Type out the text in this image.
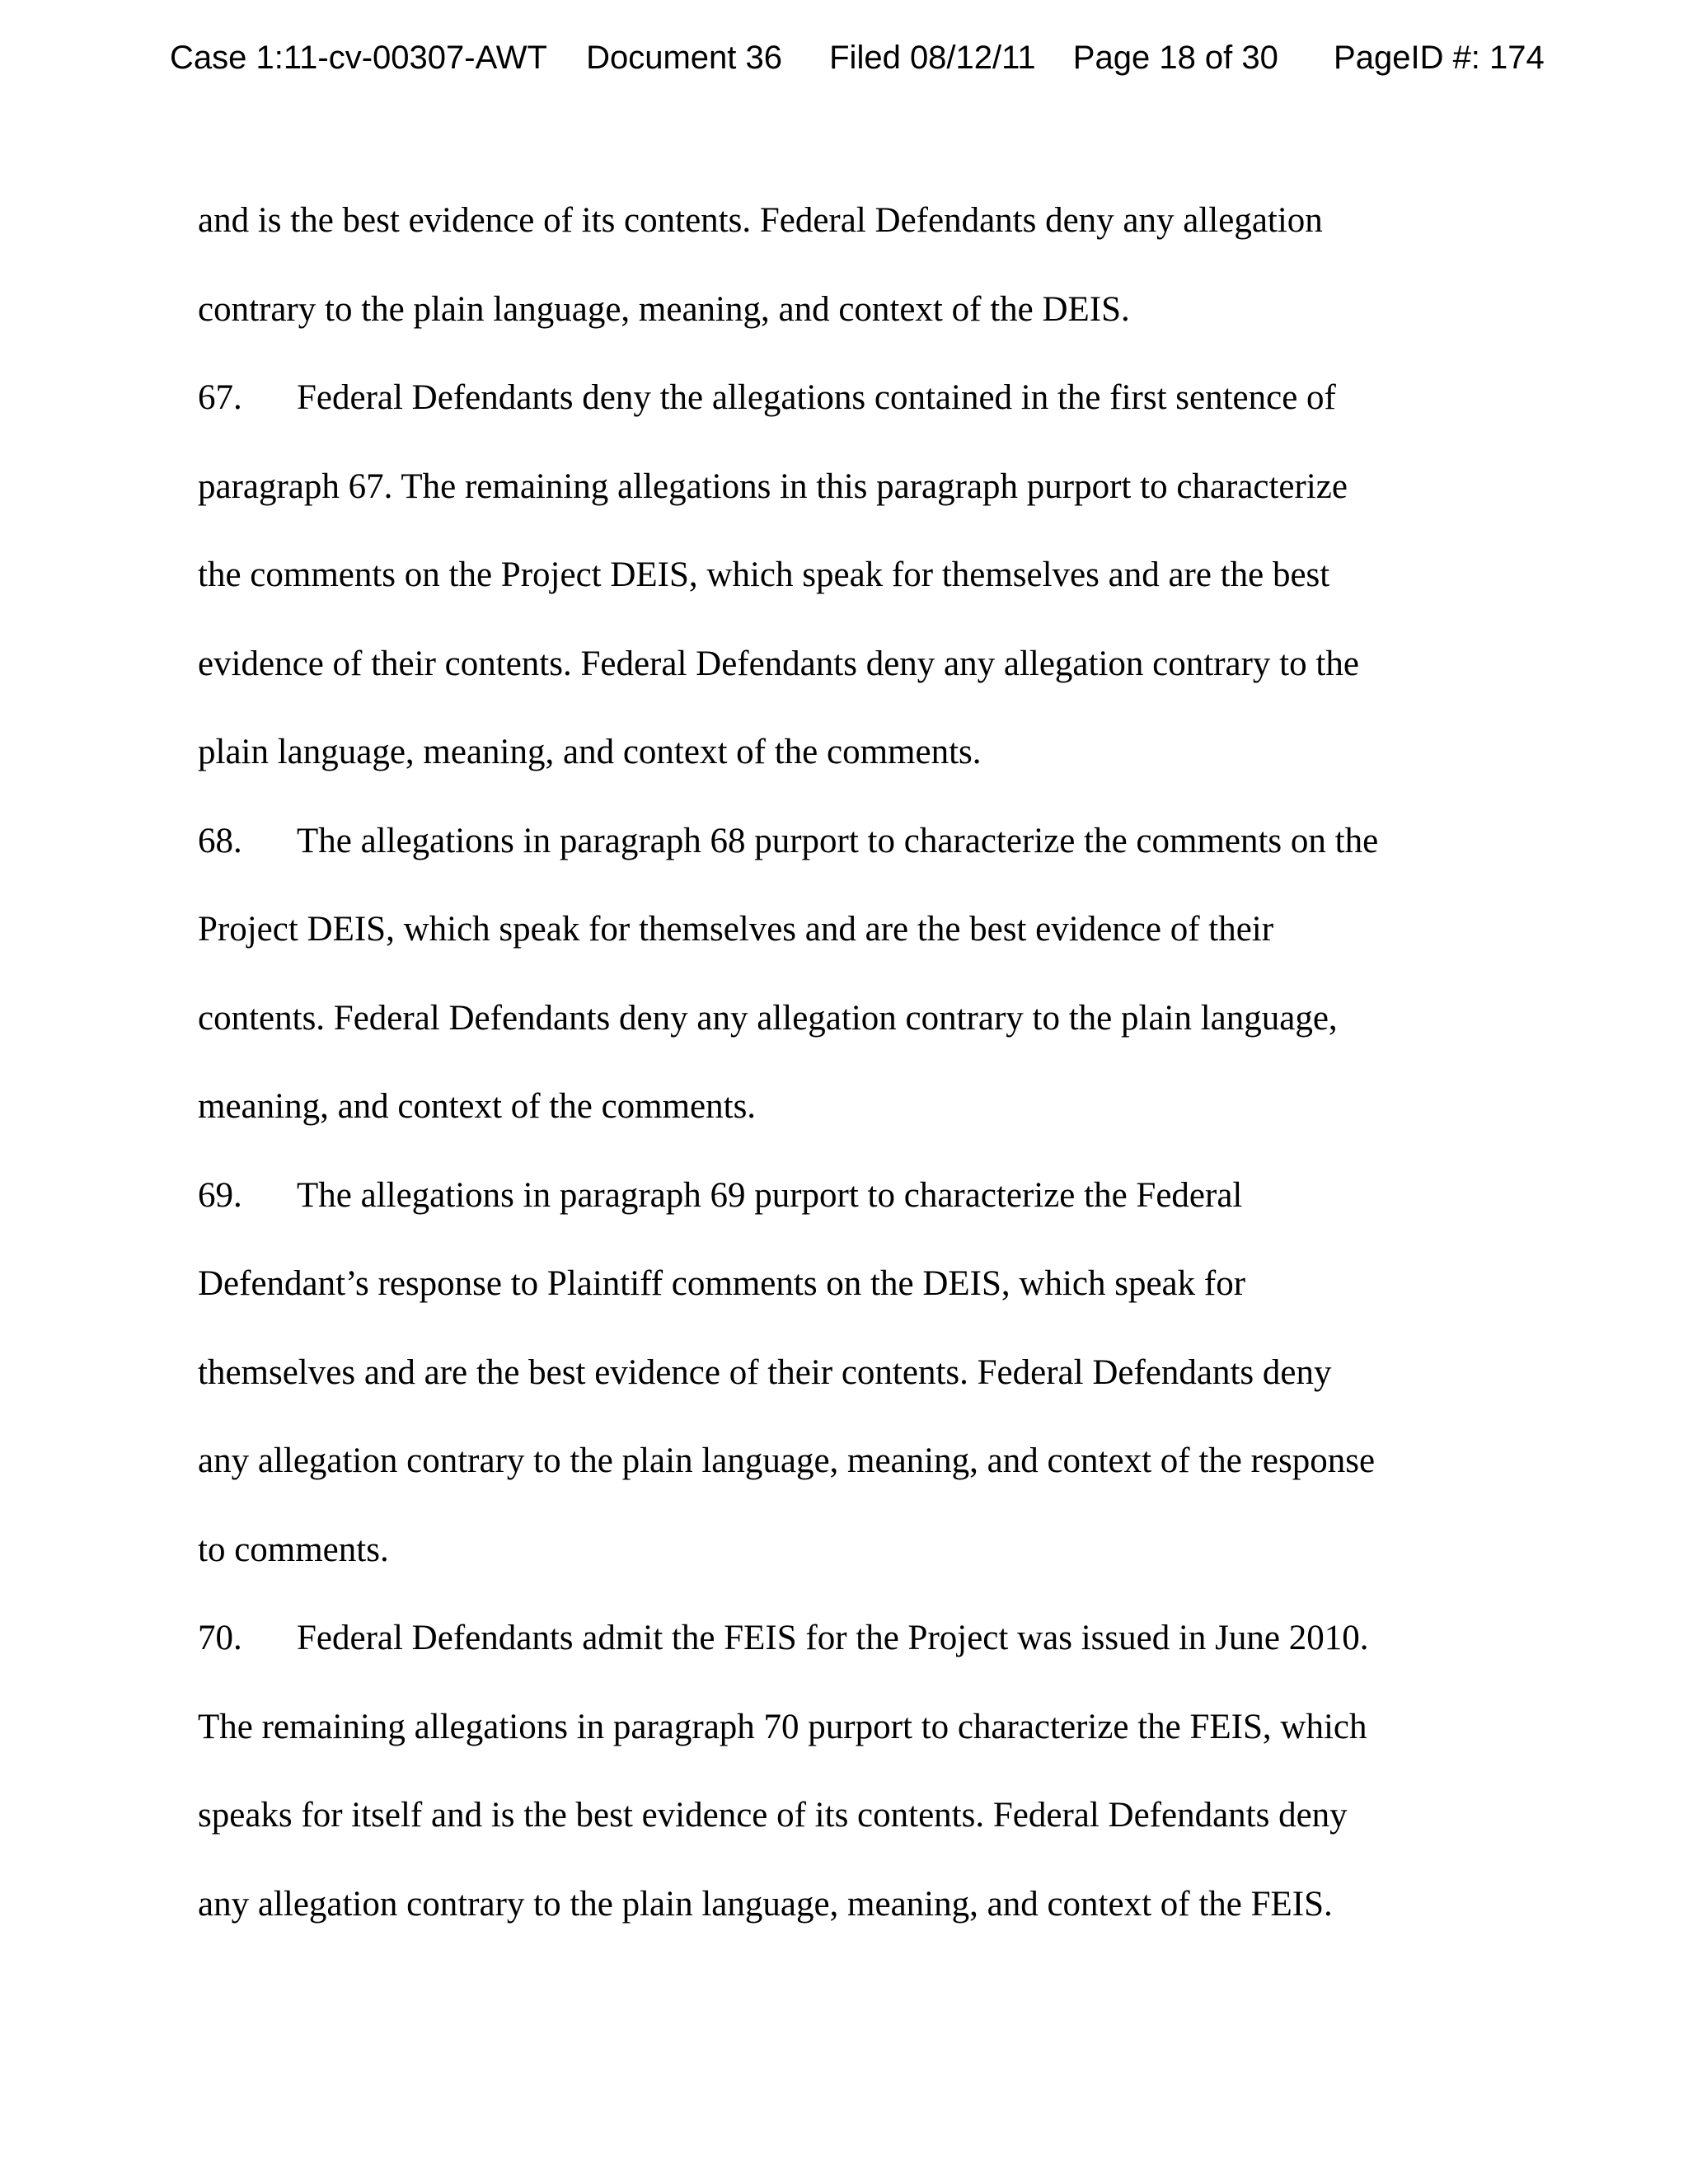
Case 1:11-cv-00307-AWT Document 36 Filed 08/12/11 Page 18 of 30 PageID #: 174
and is the best evidence of its contents. Federal Defendants deny any allegation
contrary to the plain language, meaning, and context of the DEIS.
67. Federal Defendants deny the allegations contained in the first sentence of
paragraph 67. The remaining allegations in this paragraph purport to characterize
the comments on the Project DEIS, which speak for themselves and are the best
evidence of their contents. Federal Defendants deny any allegation contrary to the
plain language, meaning, and context of the comments.
68. The allegations in paragraph 68 purport to characterize the comments on the
Project DEIS, which speak for themselves and are the best evidence of their
contents. Federal Defendants deny any allegation contrary to the plain language,
meaning, and context of the comments.
69. The allegations in paragraph 69 purport to characterize the Federal
Defendant’s response to Plaintiff comments on the DEIS, which speak for
themselves and are the best evidence of their contents. Federal Defendants deny
any allegation contrary to the plain language, meaning, and context of the response
to comments.
70. Federal Defendants admit the FEIS for the Project was issued in June 2010.
The remaining allegations in paragraph 70 purport to characterize the FEIS, which
speaks for itself and is the best evidence of its contents. Federal Defendants deny
any allegation contrary to the plain language, meaning, and context of the FEIS.
